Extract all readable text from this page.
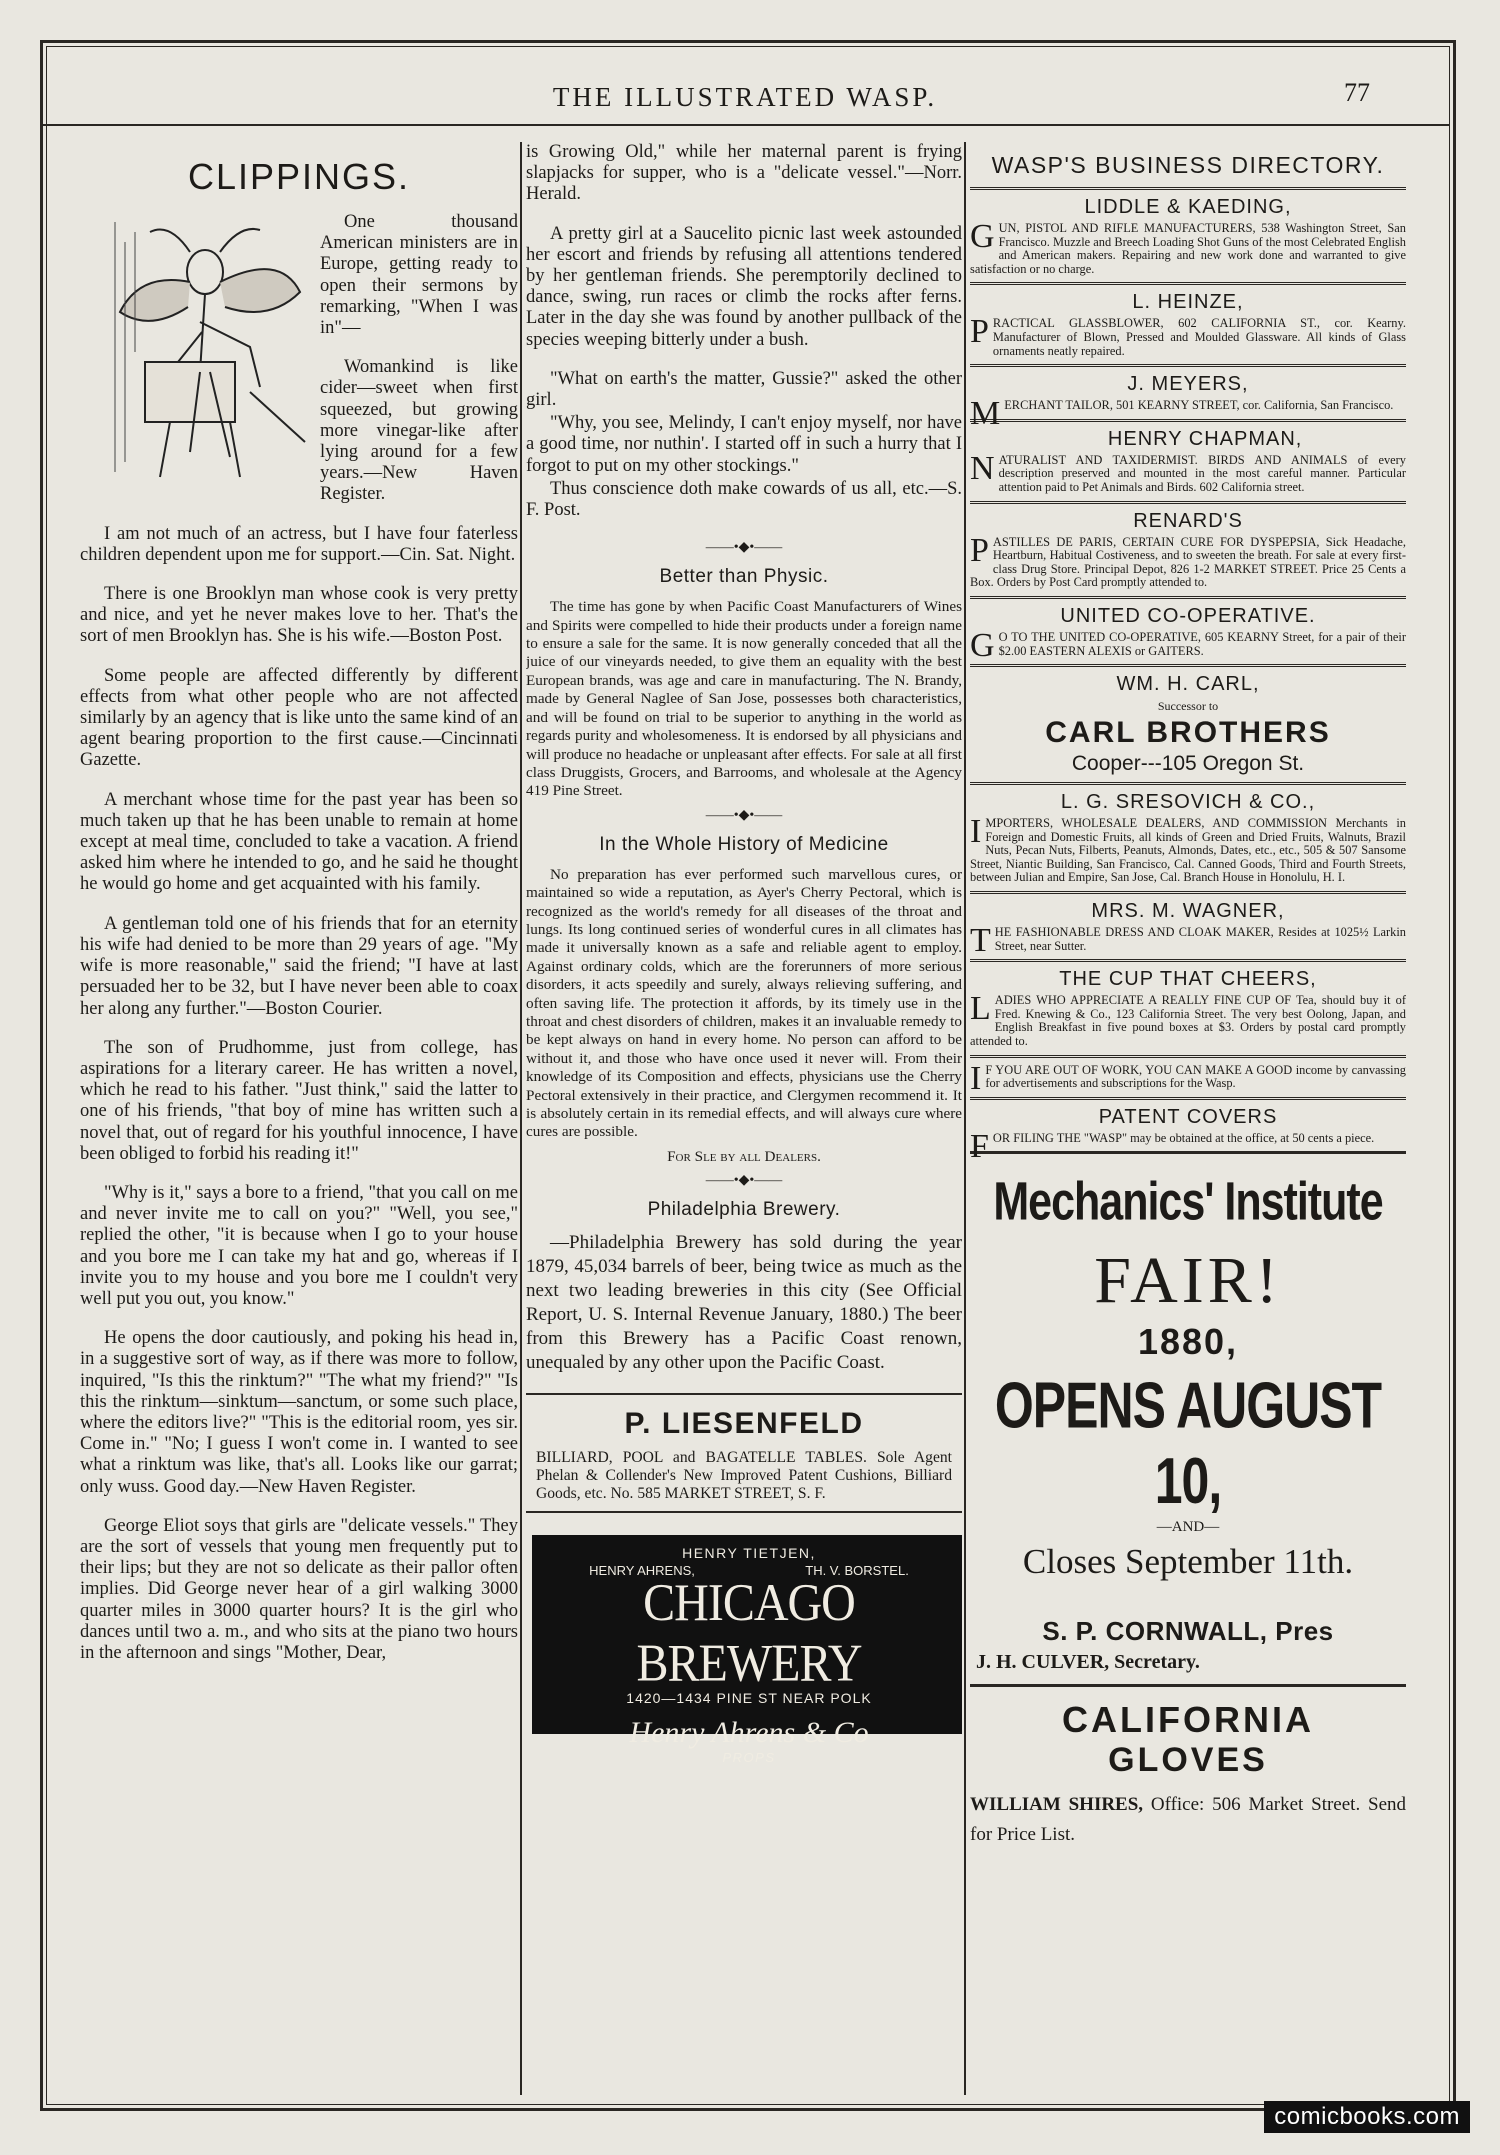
THE ILLUSTRATED WASP.	77
CLIPPINGS.

One thousand American ministers are in Europe, getting ready to open their sermons by remarking, "When I was in"—

Womankind is like cider—sweet when first squeezed, but growing more vinegar-like after lying around for a few years.—New Haven Register.

I am not much of an actress, but I have four faterless children dependent upon me for support.—Cin. Sat. Night.

There is one Brooklyn man whose cook is very pretty and nice, and yet he never makes love to her. That's the sort of men Brooklyn has. She is his wife.—Boston Post.

Some people are affected differently by different effects from what other people who are not affected similarly by an agency that is like unto the same kind of an agent bearing proportion to the first cause.—Cincinnati Gazette.

A merchant whose time for the past year has been so much taken up that he has been unable to remain at home except at meal time, concluded to take a vacation. A friend asked him where he intended to go, and he said he thought he would go home and get acquainted with his family.

A gentleman told one of his friends that for an eternity his wife had denied to be more than 29 years of age. "My wife is more reasonable," said the friend; "I have at last persuaded her to be 32, but I have never been able to coax her along any further."—Boston Courier.

The son of Prudhomme, just from college, has aspirations for a literary career. He has written a novel, which he read to his father. "Just think," said the latter to one of his friends, "that boy of mine has written such a novel that, out of regard for his youthful innocence, I have been obliged to forbid his reading it!"

"Why is it," says a bore to a friend, "that you call on me and never invite me to call on you?" "Well, you see," replied the other, "it is because when I go to your house and you bore me I can take my hat and go, whereas if I invite you to my house and you bore me I couldn't very well put you out, you know."

He opens the door cautiously, and poking his head in, in a suggestive sort of way, as if there was more to follow, inquired, "Is this the rinktum?" "The what my friend?" "Is this the rinktum—sinktum—sanctum, or some such place, where the editors live?" "This is the editorial room, yes sir. Come in." "No; I guess I won't come in. I wanted to see what a rinktum was like, that's all. Looks like our garrat; only wuss. Good day.—New Haven Register.

George Eliot soys that girls are "delicate vessels." They are the sort of vessels that young men frequently put to their lips; but they are not so delicate as their pallor often implies. Did George never hear of a girl walking 3000 quarter miles in 3000 quarter hours? It is the girl who dances until two a. m., and who sits at the piano two hours in the afternoon and sings "Mother, Dear,

is Growing Old," while her maternal parent is frying slapjacks for supper, who is a "delicate vessel."—Norr. Herald.

A pretty girl at a Saucelito picnic last week astounded her escort and friends by refusing all attentions tendered by her gentleman friends. She peremptorily declined to dance, swing, run races or climb the rocks after ferns. Later in the day she was found by another pullback of the species weeping bitterly under a bush.

"What on earth's the matter, Gussie?" asked the other girl.

"Why, you see, Melindy, I can't enjoy myself, nor have a good time, nor nuthin'. I started off in such a hurry that I forgot to put on my other stockings."

Thus conscience doth make cowards of us all, etc.—S. F. Post.

——•◆•——
Better than Physic.

The time has gone by when Pacific Coast Manufacturers of Wines and Spirits were compelled to hide their products under a foreign name to ensure a sale for the same. It is now generally conceded that all the juice of our vineyards needed, to give them an equality with the best European brands, was age and care in manufacturing. The N. Brandy, made by General Naglee of San Jose, possesses both characteristics, and will be found on trial to be superior to anything in the world as regards purity and wholesomeness. It is endorsed by all physicians and will produce no headache or unpleasant after effects. For sale at all first class Druggists, Grocers, and Barrooms, and wholesale at the Agency 419 Pine Street.

——•◆•——
In the Whole History of Medicine

No preparation has ever performed such marvellous cures, or maintained so wide a reputation, as Ayer's Cherry Pectoral, which is recognized as the world's remedy for all diseases of the throat and lungs. Its long continued series of wonderful cures in all climates has made it universally known as a safe and reliable agent to employ. Against ordinary colds, which are the forerunners of more serious disorders, it acts speedily and surely, always relieving suffering, and often saving life. The protection it affords, by its timely use in the throat and chest disorders of children, makes it an invaluable remedy to be kept always on hand in every home. No person can afford to be without it, and those who have once used it never will. From their knowledge of its Composition and effects, physicians use the Cherry Pectoral extensively in their practice, and Clergymen recommend it. It is absolutely certain in its remedial effects, and will always cure where cures are possible.

For Sle by all Dealers.

——•◆•——
Philadelphia Brewery.

—Philadelphia Brewery has sold during the year 1879, 45,034 barrels of beer, being twice as much as the next two leading breweries in this city (See Official Report, U. S. Internal Revenue January, 1880.) The beer from this Brewery has a Pacific Coast renown, unequaled by any other upon the Pacific Coast.

P. LIESENFELD
BILLIARD, POOL and BAGATELLE TABLES. Sole Agent Phelan & Collender's New Improved Patent Cushions, Billiard Goods, etc. No. 585 MARKET STREET, S. F.
HENRY TIETJEN,
HENRY AHRENS,	TH. V. BORSTEL.
CHICAGO BREWERY
1420—1434 PINE ST NEAR POLK
Henry Ahrens & Co
PROPS
WASP'S BUSINESS DIRECTORY.
LIDDLE & KAEDING,
GUN, PISTOL AND RIFLE MANUFACTURERS, 538 Washington Street, San Francisco. Muzzle and Breech Loading Shot Guns of the most Celebrated English and American makers. Repairing and new work done and warranted to give satisfaction or no charge.
L. HEINZE,
PRACTICAL GLASSBLOWER, 602 CALIFORNIA ST., cor. Kearny. Manufacturer of Blown, Pressed and Moulded Glassware. All kinds of Glass ornaments neatly repaired.
J. MEYERS,
MERCHANT TAILOR, 501 KEARNY STREET, cor. California, San Francisco.
HENRY CHAPMAN,
NATURALIST AND TAXIDERMIST. BIRDS AND ANIMALS of every description preserved and mounted in the most careful manner. Particular attention paid to Pet Animals and Birds. 602 California street.
RENARD'S
PASTILLES DE PARIS, CERTAIN CURE FOR DYSPEPSIA, Sick Headache, Heartburn, Habitual Costiveness, and to sweeten the breath. For sale at every first-class Drug Store. Principal Depot, 826 1-2 MARKET STREET. Price 25 Cents a Box. Orders by Post Card promptly attended to.
UNITED CO-OPERATIVE.
G O TO THE UNITED CO-OPERATIVE, 605 KEARNY Street, for a pair of their $2.00 EASTERN ALEXIS or GAITERS.
WM. H. CARL,
Successor to
CARL BROTHERS
Cooper---105 Oregon St.
L. G. SRESOVICH & CO.,
IMPORTERS, WHOLESALE DEALERS, AND COMMISSION Merchants in Foreign and Domestic Fruits, all kinds of Green and Dried Fruits, Walnuts, Brazil Nuts, Pecan Nuts, Filberts, Peanuts, Almonds, Dates, etc., etc., 505 & 507 Sansome Street, Niantic Building, San Francisco, Cal. Canned Goods, Third and Fourth Streets, between Julian and Empire, San Jose, Cal. Branch House in Honolulu, H. I.
MRS. M. WAGNER,
THE FASHIONABLE DRESS AND CLOAK MAKER, Resides at 1025½ Larkin Street, near Sutter.
THE CUP THAT CHEERS,
LADIES WHO APPRECIATE A REALLY FINE CUP OF Tea, should buy it of Fred. Knewing & Co., 123 California Street. The very best Oolong, Japan, and English Breakfast in five pound boxes at $3. Orders by postal card promptly attended to.
I F YOU ARE OUT OF WORK, YOU CAN MAKE A GOOD income by canvassing for advertisements and subscriptions for the Wasp.
PATENT COVERS
FOR FILING THE "WASP" may be obtained at the office, at 50 cents a piece.
Mechanics' Institute
FAIR!
1880,
OPENS AUGUST 10,
—AND—
Closes September 11th.
S. P. CORNWALL, Pres
J. H. CULVER, Secretary.
CALIFORNIA
GLOVES
WILLIAM SHIRES, Office: 506 Market Street. Send for Price List.
comicbooks.com
